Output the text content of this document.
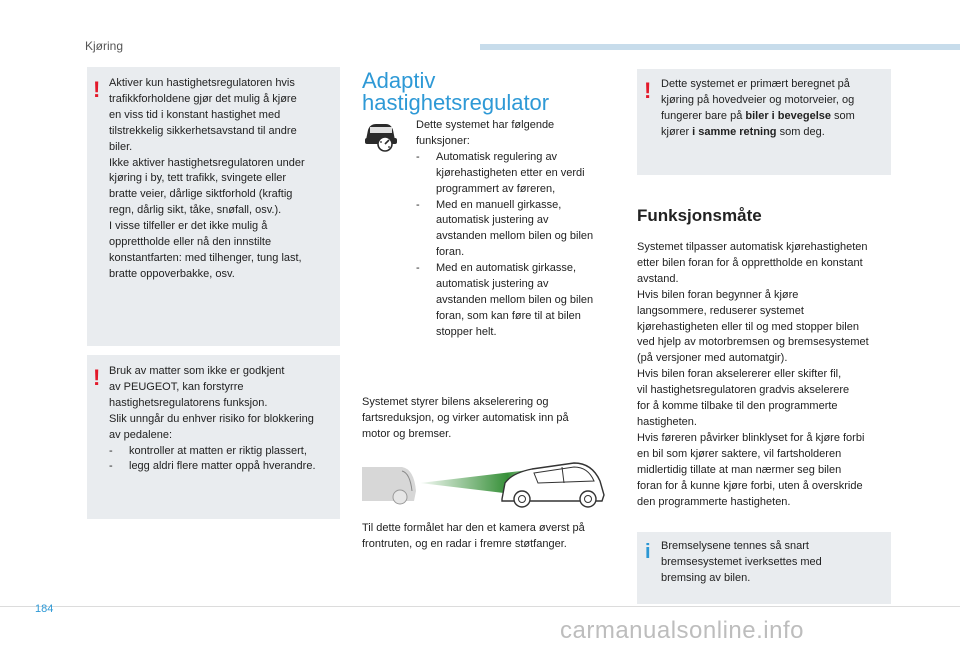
Kjøring
! Aktiver kun hastighetsregulatoren hvis
trafikkforholdene gjør det mulig å kjøre
en viss tid i konstant hastighet med
tilstrekkelig sikkerhetsavstand til andre
biler.
Ikke aktiver hastighetsregulatoren under
kjøring i by, tett trafikk, svingete eller
bratte veier, dårlige siktforhold (kraftig
regn, dårlig sikt, tåke, snøfall, osv.).
I visse tilfeller er det ikke mulig å
opprettholde eller nå den innstilte
konstantfarten: med tilhenger, tung last,
bratte oppoverbakke, osv.
! Bruk av matter som ikke er godkjent
av PEUGEOT, kan forstyrre
hastighetsregulatorens funksjon.
Slik unngår du enhver risiko for blokkering
av pedalene:
-	kontroller at matten er riktig plassert,
-	legg aldri flere matter oppå hverandre.
Adaptiv
hastighetsregulator
Dette systemet har følgende
funksjoner:
-	Automatisk regulering av
kjørehastigheten etter en verdi
programmert av føreren,
-	Med en manuell girkasse,
automatisk justering av
avstanden mellom bilen og bilen
foran.
-	Med en automatisk girkasse,
automatisk justering av
avstanden mellom bilen og bilen
foran, som kan føre til at bilen
stopper helt.
Systemet styrer bilens akselerering og
fartsreduksjon, og virker automatisk inn på
motor og bremser.
Til dette formålet har den et kamera øverst på
frontruten, og en radar i fremre støtfanger.
! Dette systemet er primært beregnet på
kjøring på hovedveier og motorveier, og
fungerer bare på biler i bevegelse som
kjører i samme retning som deg.
Funksjonsmåte
Systemet tilpasser automatisk kjørehastigheten
etter bilen foran for å opprettholde en konstant
avstand.
Hvis bilen foran begynner å kjøre
langsommere, reduserer systemet
kjørehastigheten eller til og med stopper bilen
ved hjelp av motorbremsen og bremsesystemet
(på versjoner med automatgir).
Hvis bilen foran akselererer eller skifter fil,
vil hastighetsregulatoren gradvis akselerere
for å komme tilbake til den programmerte
hastigheten.
Hvis føreren påvirker blinklyset for å kjøre forbi
en bil som kjører saktere, vil fartsholderen
midlertidig tillate at man nærmer seg bilen
foran for å kunne kjøre forbi, uten å overskride
den programmerte hastigheten.
i Bremselysene tennes så snart
bremsesystemet iverksettes med
bremsing av bilen.
184
carmanualsonline.info
